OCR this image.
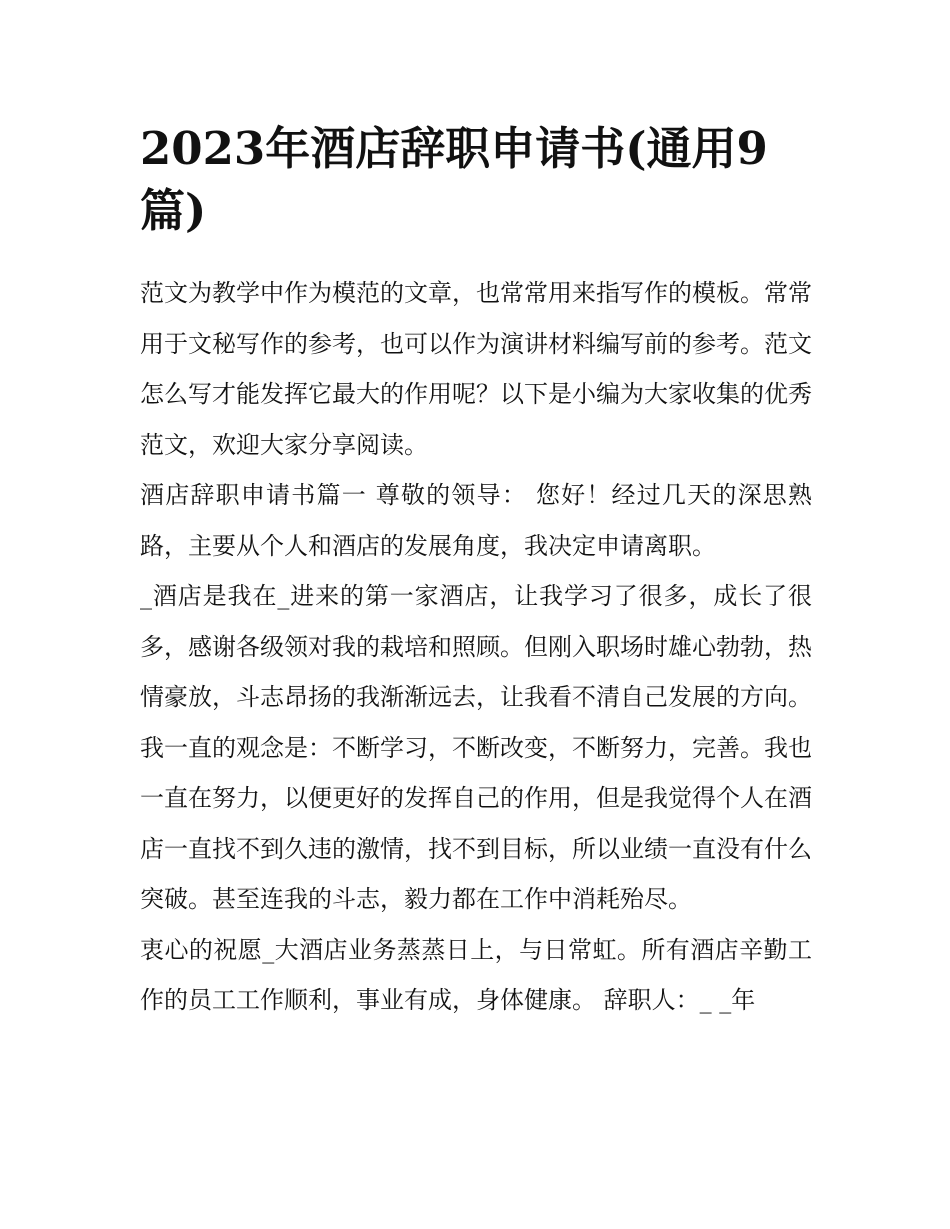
2023年酒店辞职申请书(通用9篇)

范文为教学中作为模范的文章，也常常用来指写作的模板。常常用于文秘写作的参考，也可以作为演讲材料编写前的参考。范文怎么写才能发挥它最大的作用呢？以下是小编为大家收集的优秀范文，欢迎大家分享阅读。

酒店辞职申请书篇一 尊敬的领导： 您好！经过几天的深思熟路，主要从个人和酒店的发展角度，我决定申请离职。

_酒店是我在_进来的第一家酒店，让我学习了很多，成长了很多，感谢各级领对我的栽培和照顾。但刚入职场时雄心勃勃，热情豪放，斗志昂扬的我渐渐远去，让我看不清自己发展的方向。我一直的观念是：不断学习，不断改变，不断努力，完善。我也一直在努力，以便更好的发挥自己的作用，但是我觉得个人在酒店一直找不到久违的激情，找不到目标，所以业绩一直没有什么突破。甚至连我的斗志，毅力都在工作中消耗殆尽。

衷心的祝愿_大酒店业务蒸蒸日上，与日常虹。所有酒店辛勤工作的员工工作顺利，事业有成，身体健康。 辞职人：_ _年
